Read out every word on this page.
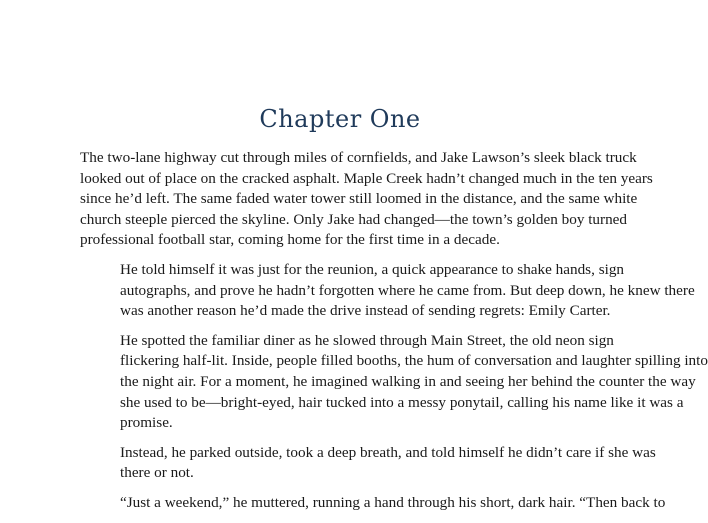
Chapter One

The two-lane highway cut through miles of cornfields, and Jake Lawson’s sleek black truck
looked out of place on the cracked asphalt. Maple Creek hadn’t changed much in the ten years
since he’d left. The same faded water tower still loomed in the distance, and the same white
church steeple pierced the skyline. Only Jake had changed—the town’s golden boy turned
professional football star, coming home for the first time in a decade.

He told himself it was just for the reunion, a quick appearance to shake hands, sign
autographs, and prove he hadn’t forgotten where he came from. But deep down, he knew there
was another reason he’d made the drive instead of sending regrets: Emily Carter.

He spotted the familiar diner as he slowed through Main Street, the old neon sign
flickering half-lit. Inside, people filled booths, the hum of conversation and laughter spilling into
the night air. For a moment, he imagined walking in and seeing her behind the counter the way
she used to be—bright-eyed, hair tucked into a messy ponytail, calling his name like it was a
promise.

Instead, he parked outside, took a deep breath, and told himself he didn’t care if she was
there or not.

“Just a weekend,” he muttered, running a hand through his short, dark hair. “Then back to
